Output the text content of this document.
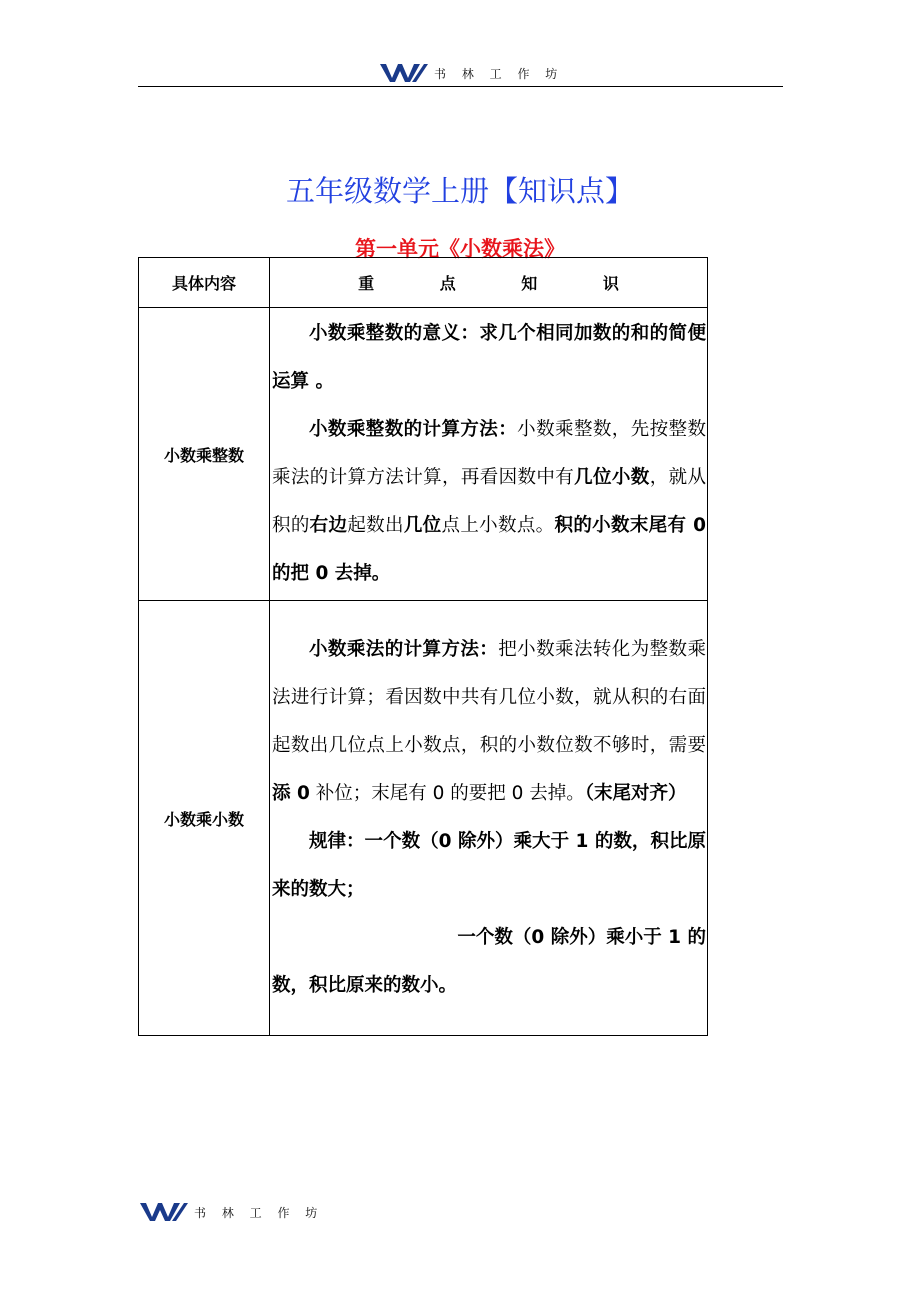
书 林 工 作 坊
五年级数学上册【知识点】
第一单元《小数乘法》
具体内容	重 点 知 识
小数乘整数	小数乘整数的意义：求几个相同加数的和的简便运算 。

小数乘整数的计算方法：小数乘整数，先按整数乘法的计算方法计算，再看因数中有几位小数，就从积的右边起数出几位点上小数点。积的小数末尾有 0 的把 0 去掉。

小数乘小数	小数乘法的计算方法：把小数乘法转化为整数乘法进行计算；看因数中共有几位小数，就从积的右面起数出几位点上小数点，积的小数位数不够时，需要添 0 补位；末尾有 0 的要把 0 去掉。（末尾对齐）

规律：一个数（0 除外）乘大于 1 的数，积比原来的数大；

一个数（0 除外）乘小于 1 的

数，积比原来的数小。

书 林 工 作 坊
